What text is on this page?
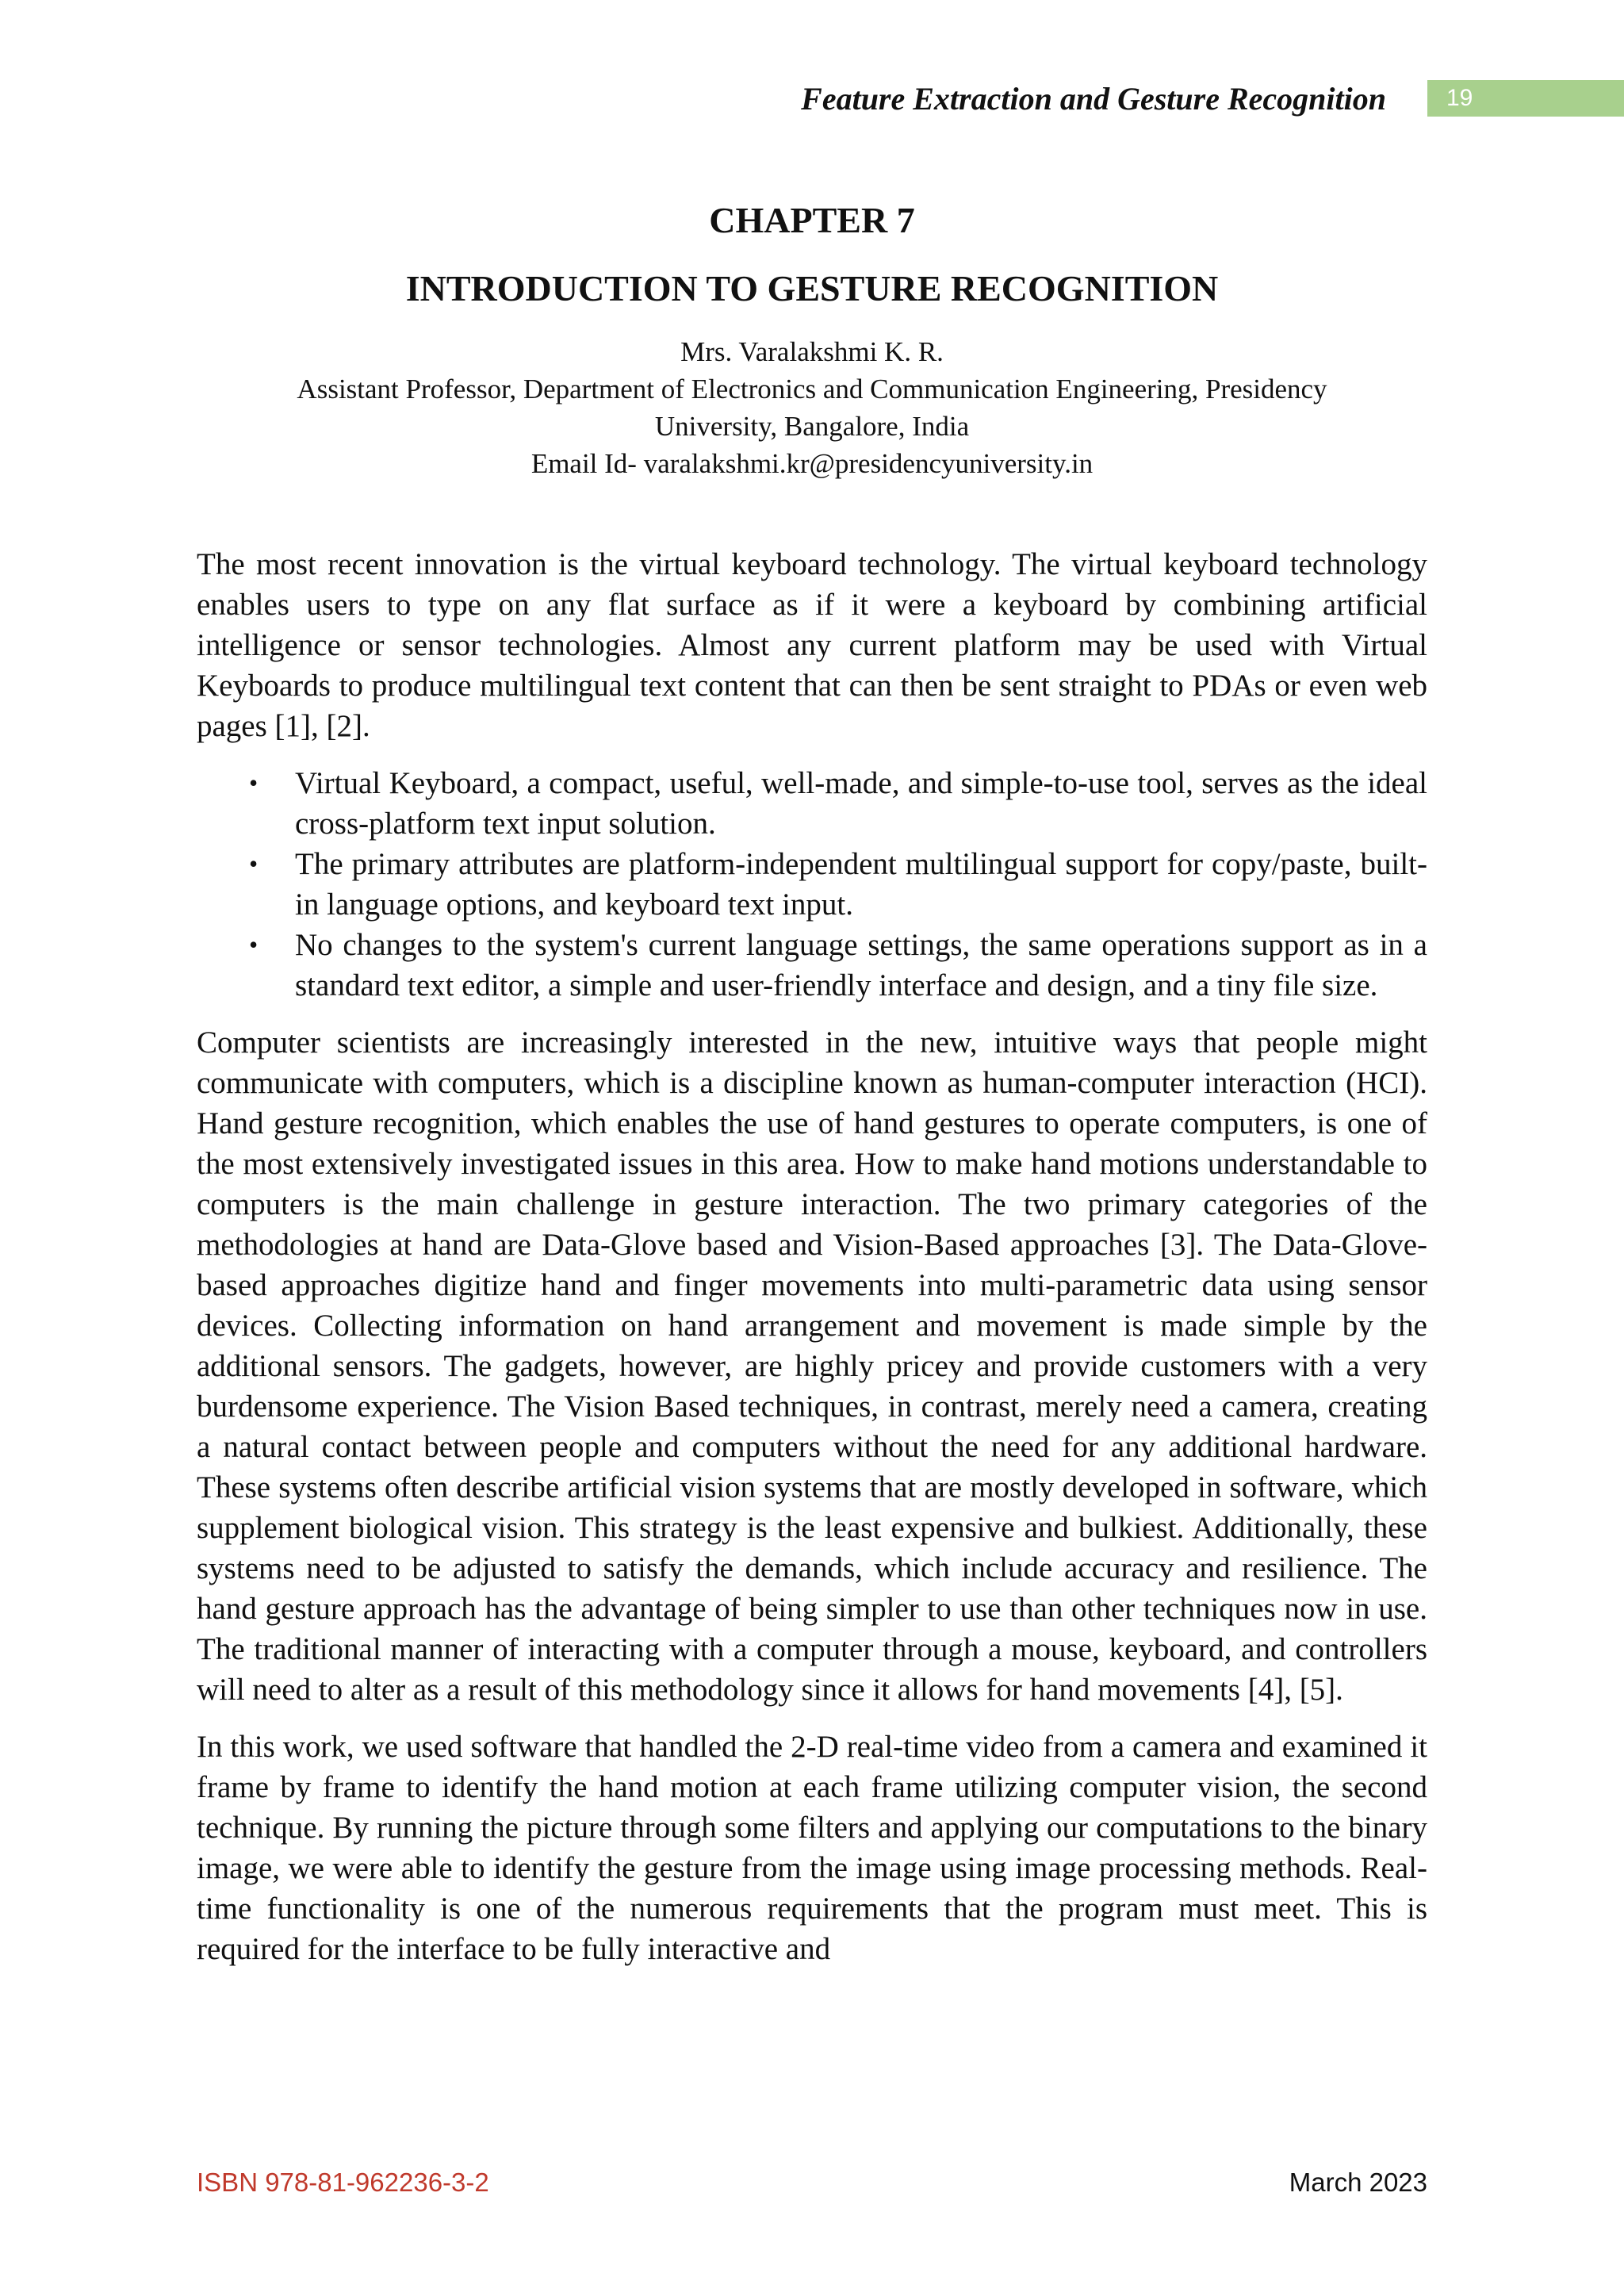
Feature Extraction and Gesture Recognition	19
CHAPTER 7
INTRODUCTION TO GESTURE RECOGNITION
Mrs. Varalakshmi K. R.
Assistant Professor, Department of Electronics and Communication Engineering, Presidency
University, Bangalore, India
Email Id- varalakshmi.kr@presidencyuniversity.in

The most recent innovation is the virtual keyboard technology. The virtual keyboard technology enables users to type on any flat surface as if it were a keyboard by combining artificial intelligence or sensor technologies. Almost any current platform may be used with Virtual Keyboards to produce multilingual text content that can then be sent straight to PDAs or even web pages [1], [2].

• Virtual Keyboard, a compact, useful, well-made, and simple-to-use tool, serves as the ideal cross-platform text input solution.
• The primary attributes are platform-independent multilingual support for copy/paste, built-in language options, and keyboard text input.
• No changes to the system's current language settings, the same operations support as in a standard text editor, a simple and user-friendly interface and design, and a tiny file size.

Computer scientists are increasingly interested in the new, intuitive ways that people might communicate with computers, which is a discipline known as human-computer interaction (HCI). Hand gesture recognition, which enables the use of hand gestures to operate computers, is one of the most extensively investigated issues in this area. How to make hand motions understandable to computers is the main challenge in gesture interaction. The two primary categories of the methodologies at hand are Data-Glove based and Vision-Based approaches [3]. The Data-Glove-based approaches digitize hand and finger movements into multi-parametric data using sensor devices. Collecting information on hand arrangement and movement is made simple by the additional sensors. The gadgets, however, are highly pricey and provide customers with a very burdensome experience. The Vision Based techniques, in contrast, merely need a camera, creating a natural contact between people and computers without the need for any additional hardware. These systems often describe artificial vision systems that are mostly developed in software, which supplement biological vision. This strategy is the least expensive and bulkiest. Additionally, these systems need to be adjusted to satisfy the demands, which include accuracy and resilience. The hand gesture approach has the advantage of being simpler to use than other techniques now in use. The traditional manner of interacting with a computer through a mouse, keyboard, and controllers will need to alter as a result of this methodology since it allows for hand movements [4], [5].

In this work, we used software that handled the 2-D real-time video from a camera and examined it frame by frame to identify the hand motion at each frame utilizing computer vision, the second technique. By running the picture through some filters and applying our computations to the binary image, we were able to identify the gesture from the image using image processing methods. Real-time functionality is one of the numerous requirements that the program must meet. This is required for the interface to be fully interactive and

ISBN 978-81-962236-3-2	March 2023
